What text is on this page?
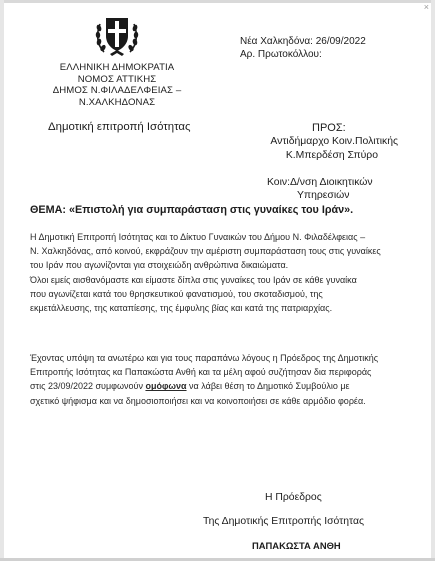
×
ΕΛΛΗΝΙΚΗ ΔΗΜΟΚΡΑΤΙΑ
ΝΟΜΟΣ ΑΤΤΙΚΗΣ
ΔΗΜΟΣ Ν.ΦΙΛΑΔΕΛΦΕΙΑΣ –
Ν.ΧΑΛΚΗΔΟΝΑΣ
Δημοτική επιτροπή Ισότητας
Νέα Χαλκηδόνα: 26/09/2022
Αρ. Πρωτοκόλλου:
ΠΡΟΣ:
Αντιδήμαρχο Κοιν.Πολιτικής
Κ.Μπερδέση Σπύρο
Κοιν:Δ/νση Διοικητικών
Υπηρεσιών
ΘΕΜΑ: «Επιστολή για συμπαράσταση στις γυναίκες του Ιράν».
Η Δημοτική Επιτροπή Ισότητας και το Δίκτυο Γυναικών του Δήμου Ν. Φιλαδέλφειας –
Ν. Χαλκηδόνας, από κοινού, εκφράζουν την αμέριστη συμπαράσταση τους στις γυναίκες
του Ιράν που αγωνίζονται για στοιχειώδη ανθρώπινα δικαιώματα.
Όλοι εμείς αισθανόμαστε και είμαστε δίπλα στις γυναίκες του Ιράν σε κάθε γυναίκα
που αγωνίζεται κατά του θρησκευτικού φανατισμού, του σκοταδισμού, της
εκμετάλλευσης, της καταπίεσης, της έμφυλης βίας και κατά της πατριαρχίας.
Έχοντας υπόψη τα ανωτέρω και για τους παραπάνω λόγους η Πρόεδρος της Δημοτικής
Επιτροπής Ισότητας κα Παπακώστα Ανθή και τα μέλη αφού συζήτησαν δια περιφοράς
στις 23/09/2022 συμφωνούν ομόφωνα να λάβει θέση το Δημοτικό Συμβούλιο με
σχετικό ψήφισμα και να δημοσιοποιήσει και να κοινοποιήσει σε κάθε αρμόδιο φορέα.
Η Πρόεδρος
Της Δημοτικής Επιτροπής Ισότητας
ΠΑΠΑΚΩΣΤΑ ΑΝΘΗ
